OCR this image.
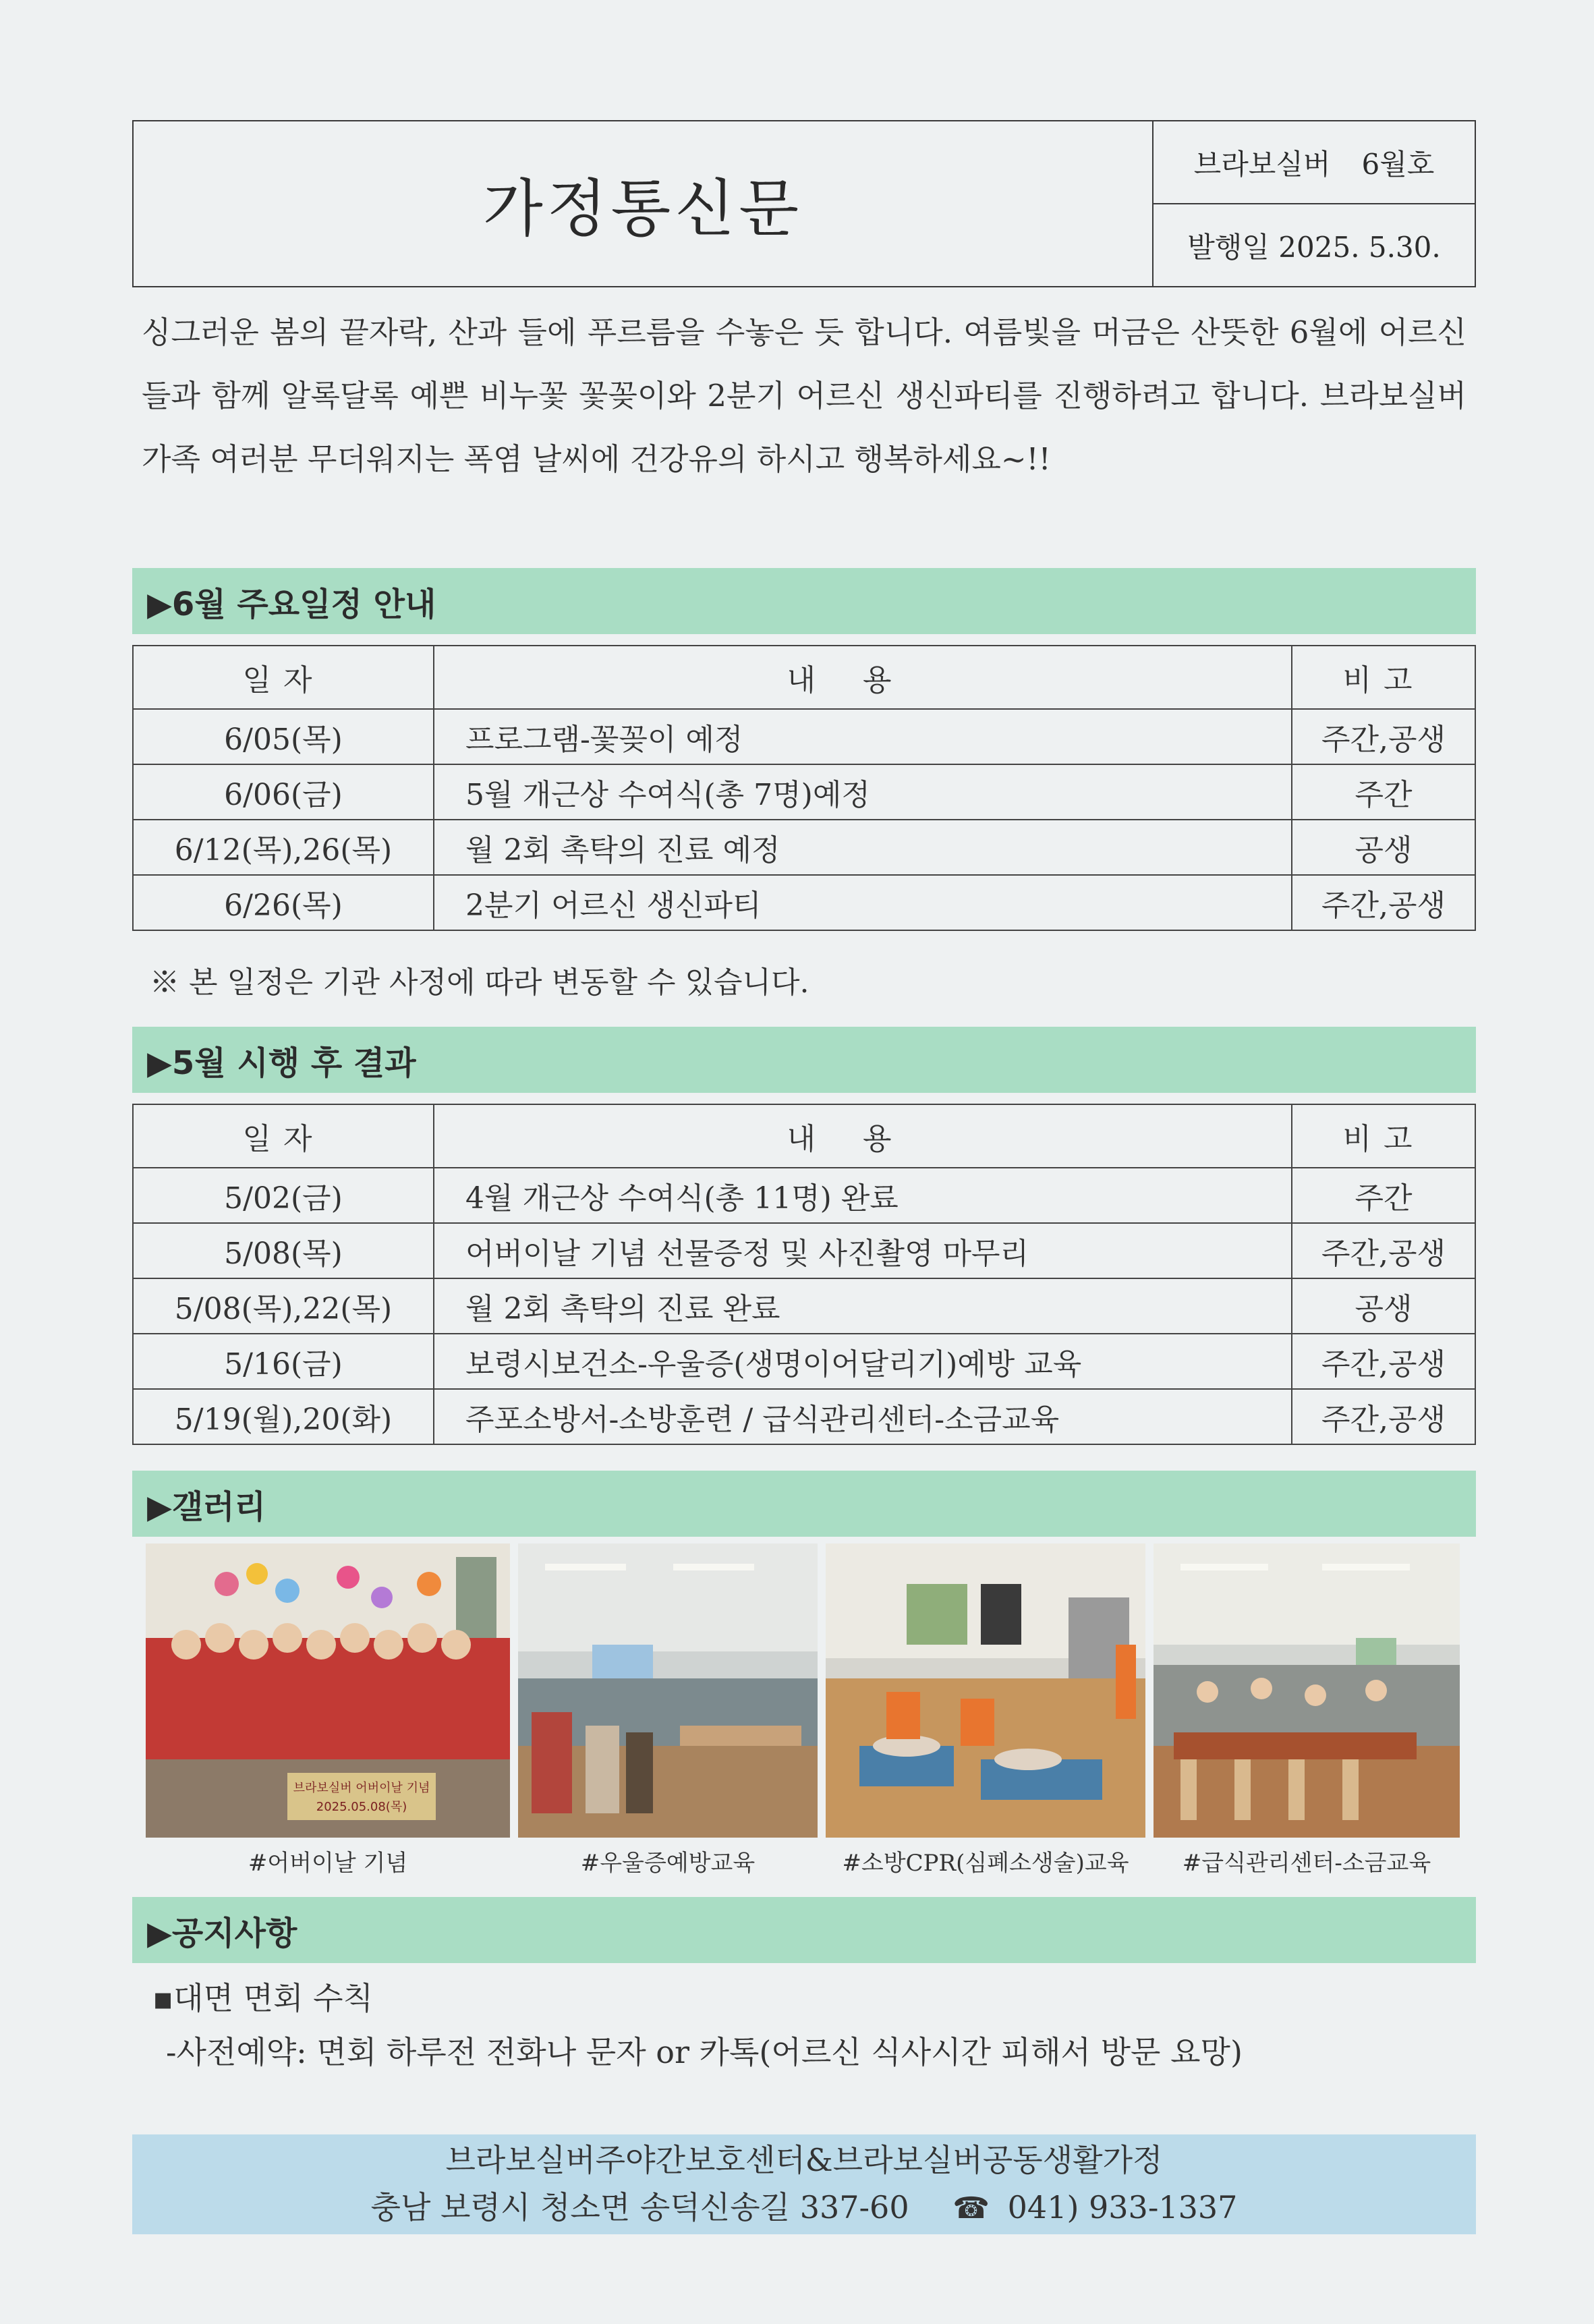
가정통신문
브라보실버 6월호
발행일 2025. 5.30.
싱그러운 봄의 끝자락, 산과 들에 푸르름을 수놓은 듯 합니다. 여름빛을 머금은 산뜻한 6월에 어르신들과 함께 알록달록 예쁜 비누꽃 꽃꽂이와 2분기 어르신 생신파티를 진행하려고 합니다. 브라보실버 가족 여러분 무더워지는 폭염 날씨에 건강유의 하시고 행복하세요~!!
▶6월 주요일정 안내
일자	내용	비고
6/05(목)	프로그램-꽃꽂이 예정	주간,공생
6/06(금)	5월 개근상 수여식(총 7명)예정	주간
6/12(목),26(목)	월 2회 촉탁의 진료 예정	공생
6/26(목)	2분기 어르신 생신파티	주간,공생
※ 본 일정은 기관 사정에 따라 변동할 수 있습니다.
▶5월 시행 후 결과
일자	내용	비고
5/02(금)	4월 개근상 수여식(총 11명) 완료	주간
5/08(목)	어버이날 기념 선물증정 및 사진촬영 마무리	주간,공생
5/08(목),22(목)	월 2회 촉탁의 진료 완료	공생
5/16(금)	보령시보건소-우울증(생명이어달리기)예방 교육	주간,공생
5/19(월),20(화)	주포소방서-소방훈련 / 급식관리센터-소금교육	주간,공생
▶갤러리
브라보실버 어버이날 기념
2025.05.08(목)
#어버이날 기념	#우울증예방교육	#소방CPR(심폐소생술)교육	#급식관리센터-소금교육
▶공지사항
▪대면 면회 수칙
-사전예약: 면회 하루전 전화나 문자 or 카톡(어르신 식사시간 피해서 방문 요망)
브라보실버주야간보호센터&브라보실버공동생활가정
충남 보령시 청소면 송덕신송길 337-60 ☎ 041) 933-1337
